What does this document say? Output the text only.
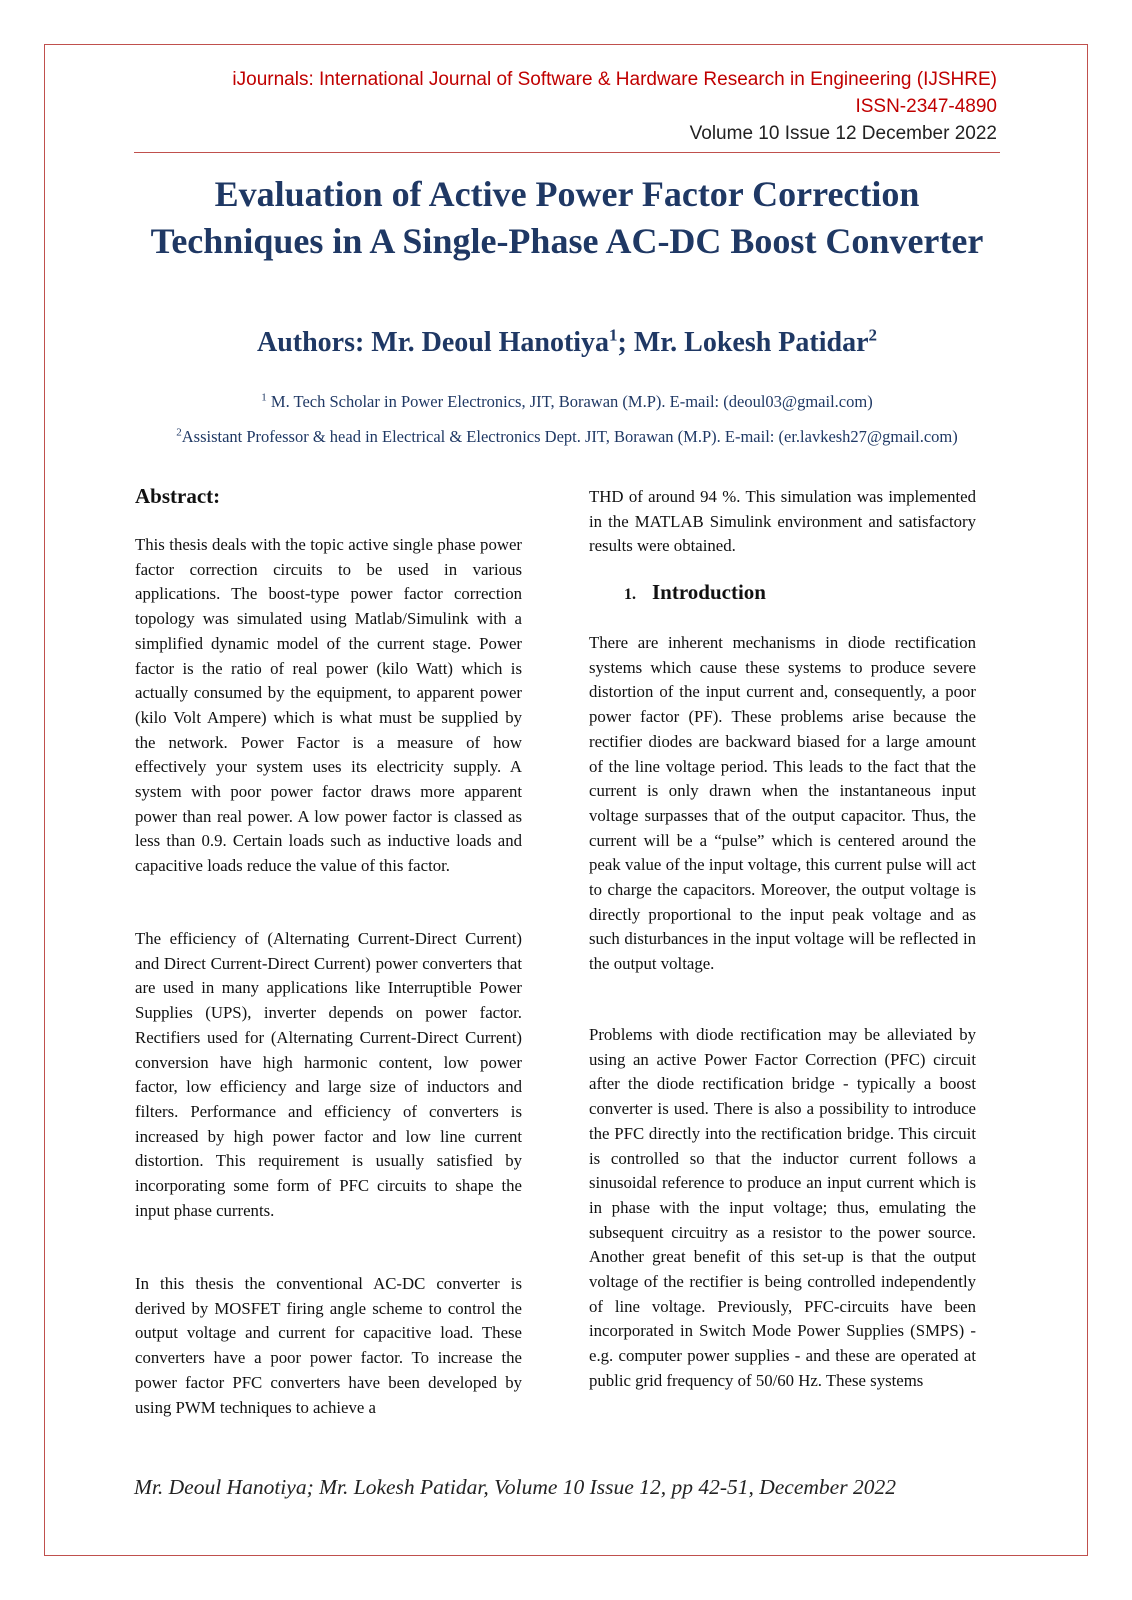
iJournals: International Journal of Software & Hardware Research in Engineering (IJSHRE)
ISSN-2347-4890
Volume 10 Issue 12 December 2022
Evaluation of Active Power Factor Correction Techniques in A Single-Phase AC-DC Boost Converter
Authors: Mr. Deoul Hanotiya$^1$; Mr. Lokesh Patidar$^2$
$^1$ M. Tech Scholar in Power Electronics, JIT, Borawan (M.P). E-mail: (deoul03@gmail.com)
$^2$Assistant Professor & head in Electrical & Electronics Dept. JIT, Borawan (M.P). E-mail: (er.lavkesh27@gmail.com)
Abstract:

This thesis deals with the topic active single phase power factor correction circuits to be used in various applications. The boost-type power factor correction topology was simulated using Matlab/Simulink with a simplified dynamic model of the current stage. Power factor is the ratio of real power (kilo Watt) which is actually consumed by the equipment, to apparent power (kilo Volt Ampere) which is what must be supplied by the network. Power Factor is a measure of how effectively your system uses its electricity supply. A system with poor power factor draws more apparent power than real power. A low power factor is classed as less than 0.9. Certain loads such as inductive loads and capacitive loads reduce the value of this factor.

The efficiency of (Alternating Current-Direct Current) and Direct Current-Direct Current) power converters that are used in many applications like Interruptible Power Supplies (UPS), inverter depends on power factor. Rectifiers used for (Alternating Current-Direct Current) conversion have high harmonic content, low power factor, low efficiency and large size of inductors and filters. Performance and efficiency of converters is increased by high power factor and low line current distortion. This requirement is usually satisfied by incorporating some form of PFC circuits to shape the input phase currents.

In this thesis the conventional AC-DC converter is derived by MOSFET firing angle scheme to control the output voltage and current for capacitive load. These converters have a poor power factor. To increase the power factor PFC converters have been developed by using PWM techniques to achieve a

THD of around 94 %. This simulation was implemented in the MATLAB Simulink environment and satisfactory results were obtained.

1. Introduction

There are inherent mechanisms in diode rectification systems which cause these systems to produce severe distortion of the input current and, consequently, a poor power factor (PF). These problems arise because the rectifier diodes are backward biased for a large amount of the line voltage period. This leads to the fact that the current is only drawn when the instantaneous input voltage surpasses that of the output capacitor. Thus, the current will be a “pulse” which is centered around the peak value of the input voltage, this current pulse will act to charge the capacitors. Moreover, the output voltage is directly proportional to the input peak voltage and as such disturbances in the input voltage will be reflected in the output voltage.

Problems with diode rectification may be alleviated by using an active Power Factor Correction (PFC) circuit after the diode rectification bridge - typically a boost converter is used. There is also a possibility to introduce the PFC directly into the rectification bridge. This circuit is controlled so that the inductor current follows a sinusoidal reference to produce an input current which is in phase with the input voltage; thus, emulating the subsequent circuitry as a resistor to the power source. Another great benefit of this set-up is that the output voltage of the rectifier is being controlled independently of line voltage. Previously, PFC-circuits have been incorporated in Switch Mode Power Supplies (SMPS) - e.g. computer power supplies - and these are operated at public grid frequency of 50/60 Hz. These systems

Mr. Deoul Hanotiya; Mr. Lokesh Patidar, Volume 10 Issue 12, pp 42-51, December 2022
